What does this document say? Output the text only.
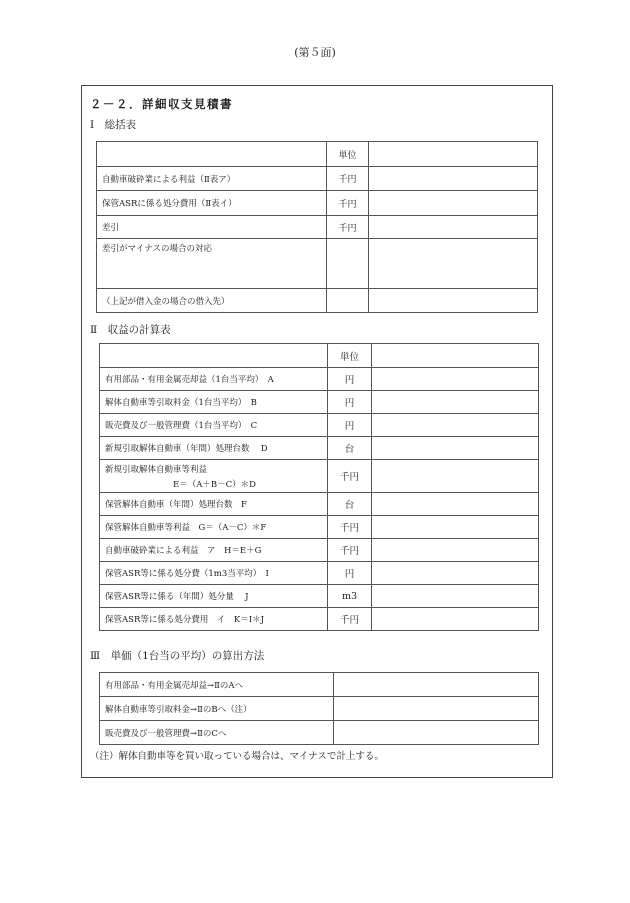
(第５面)
２－２．詳細収支見積書
Ⅰ　総括表
	単位	
自動車破砕業による利益（Ⅱ表ア）	千円	
保管ASRに係る処分費用（Ⅱ表イ）	千円	
差引	千円	
差引がマイナスの場合の対応		
（上記が借入金の場合の借入先）		
Ⅱ　収益の計算表
	単位	
有用部品・有用金属売却益（1台当平均）　A	円	
解体自動車等引取料金（1台当平均）　B	円	
販売費及び一般管理費（1台当平均）　C	円	
新規引取解体自動車（年間）処理台数　 D	台	

新規引取解体自動車等利益
E＝（A＋B－C）＊D	千円	
保管解体自動車（年間）処理台数　F	台	
保管解体自動車等利益　G＝（A－C）＊F	千円	
自動車破砕業による利益　ア　H＝E＋G	千円	
保管ASR等に係る処分費（1m3当平均）　I	円	
保管ASR等に係る（年間）処分量　 J	m3	
保管ASR等に係る処分費用　イ　K＝I＊J	千円	
Ⅲ　単価（1台当の平均）の算出方法
有用部品・有用金属売却益→ⅡのAへ	
解体自動車等引取料金→ⅡのBへ（注）	
販売費及び一般管理費→ⅡのCへ	
（注）解体自動車等を買い取っている場合は、マイナスで計上する。
